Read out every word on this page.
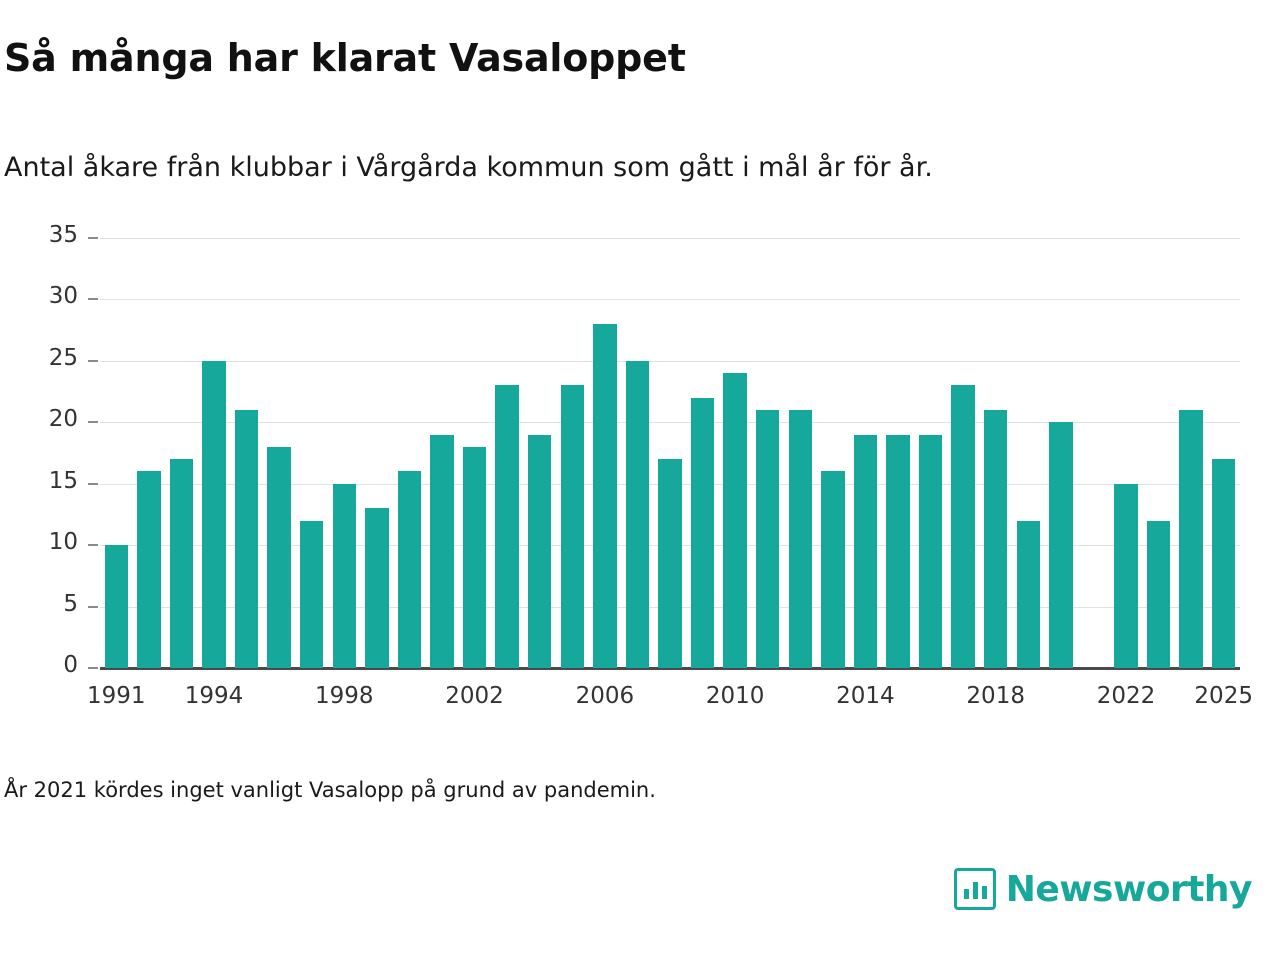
Så många har klarat Vasaloppet
Antal åkare från klubbar i Vårgårda kommun som gått i mål år för år.
0
5
10
15
20
25
30
35
1991	1994	1998	2002	2006	2010	2014	2018	2022	2025
År 2021 kördes inget vanligt Vasalopp på grund av pandemin.
Newsworthy
